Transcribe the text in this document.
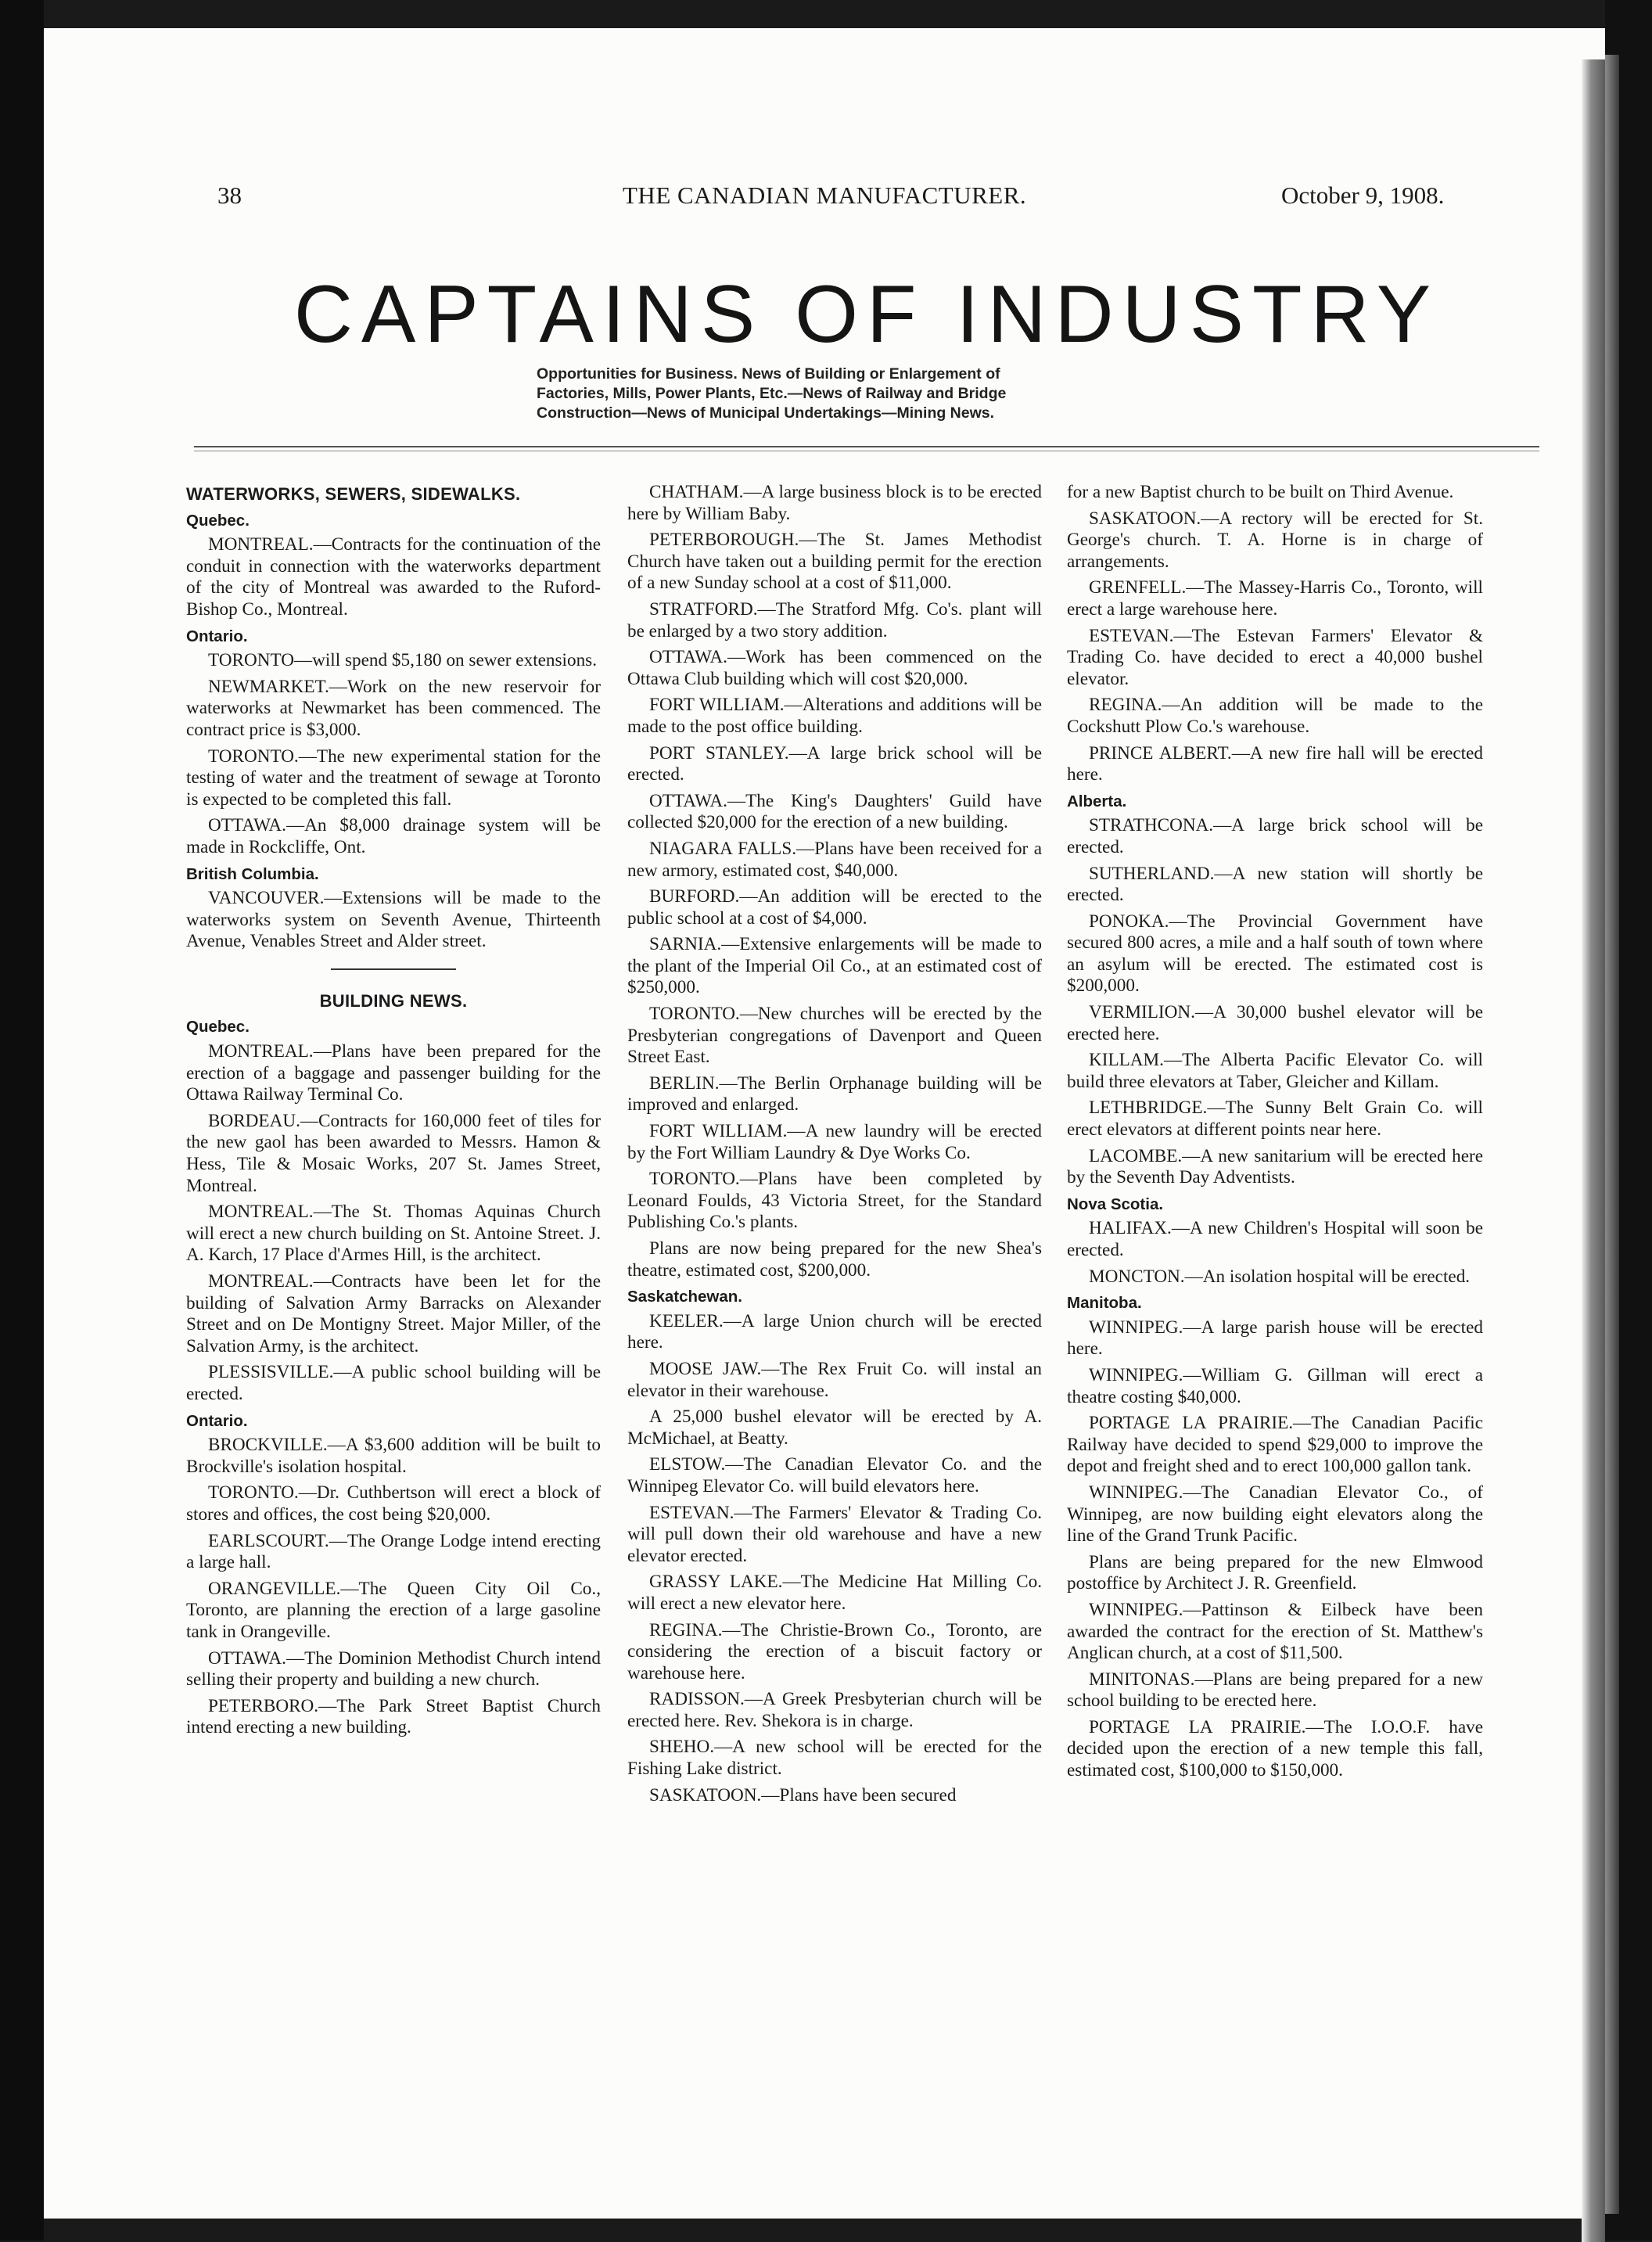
38	THE CANADIAN MANUFACTURER.	October 9, 1908.
CAPTAINS OF INDUSTRY
Opportunities for Business. News of Building or Enlargement of
Factories, Mills, Power Plants, Etc.—News of Railway and Bridge
Construction—News of Municipal Undertakings—Mining News.
WATERWORKS, SEWERS, SIDEWALKS.
Quebec.
MONTREAL.—Contracts for the continuation of the conduit in connection with the waterworks department of the city of Montreal was awarded to the Ruford-Bishop Co., Montreal.
Ontario.
TORONTO—will spend $5,180 on sewer extensions.
NEWMARKET.—Work on the new reservoir for waterworks at Newmarket has been commenced. The contract price is $3,000.
TORONTO.—The new experimental station for the testing of water and the treatment of sewage at Toronto is expected to be completed this fall.
OTTAWA.—An $8,000 drainage system will be made in Rockcliffe, Ont.
British Columbia.
VANCOUVER.—Extensions will be made to the waterworks system on Seventh Avenue, Thirteenth Avenue, Venables Street and Alder street.
BUILDING NEWS.
Quebec.
MONTREAL.—Plans have been prepared for the erection of a baggage and passenger building for the Ottawa Railway Terminal Co.
BORDEAU.—Contracts for 160,000 feet of tiles for the new gaol has been awarded to Messrs. Hamon & Hess, Tile & Mosaic Works, 207 St. James Street, Montreal.
MONTREAL.—The St. Thomas Aquinas Church will erect a new church building on St. Antoine Street. J. A. Karch, 17 Place d'Armes Hill, is the architect.
MONTREAL.—Contracts have been let for the building of Salvation Army Barracks on Alexander Street and on De Montigny Street. Major Miller, of the Salvation Army, is the architect.
PLESSISVILLE.—A public school building will be erected.
Ontario.
BROCKVILLE.—A $3,600 addition will be built to Brockville's isolation hospital.
TORONTO.—Dr. Cuthbertson will erect a block of stores and offices, the cost being $20,000.
EARLSCOURT.—The Orange Lodge intend erecting a large hall.
ORANGEVILLE.—The Queen City Oil Co., Toronto, are planning the erection of a large gasoline tank in Orangeville.
OTTAWA.—The Dominion Methodist Church intend selling their property and building a new church.
PETERBORO.—The Park Street Baptist Church intend erecting a new building.
CHATHAM.—A large business block is to be erected here by William Baby.
PETERBOROUGH.—The St. James Methodist Church have taken out a building permit for the erection of a new Sunday school at a cost of $11,000.
STRATFORD.—The Stratford Mfg. Co's. plant will be enlarged by a two story addition.
OTTAWA.—Work has been commenced on the Ottawa Club building which will cost $20,000.
FORT WILLIAM.—Alterations and additions will be made to the post office building.
PORT STANLEY.—A large brick school will be erected.
OTTAWA.—The King's Daughters' Guild have collected $20,000 for the erection of a new building.
NIAGARA FALLS.—Plans have been received for a new armory, estimated cost, $40,000.
BURFORD.—An addition will be erected to the public school at a cost of $4,000.
SARNIA.—Extensive enlargements will be made to the plant of the Imperial Oil Co., at an estimated cost of $250,000.
TORONTO.—New churches will be erected by the Presbyterian congregations of Davenport and Queen Street East.
BERLIN.—The Berlin Orphanage building will be improved and enlarged.
FORT WILLIAM.—A new laundry will be erected by the Fort William Laundry & Dye Works Co.
TORONTO.—Plans have been completed by Leonard Foulds, 43 Victoria Street, for the Standard Publishing Co.'s plants.
Plans are now being prepared for the new Shea's theatre, estimated cost, $200,000.
Saskatchewan.
KEELER.—A large Union church will be erected here.
MOOSE JAW.—The Rex Fruit Co. will instal an elevator in their warehouse.
A 25,000 bushel elevator will be erected by A. McMichael, at Beatty.
ELSTOW.—The Canadian Elevator Co. and the Winnipeg Elevator Co. will build elevators here.
ESTEVAN.—The Farmers' Elevator & Trading Co. will pull down their old warehouse and have a new elevator erected.
GRASSY LAKE.—The Medicine Hat Milling Co. will erect a new elevator here.
REGINA.—The Christie-Brown Co., Toronto, are considering the erection of a biscuit factory or warehouse here.
RADISSON.—A Greek Presbyterian church will be erected here. Rev. Shekora is in charge.
SHEHO.—A new school will be erected for the Fishing Lake district.
SASKATOON.—Plans have been secured
for a new Baptist church to be built on Third Avenue.
SASKATOON.—A rectory will be erected for St. George's church. T. A. Horne is in charge of arrangements.
GRENFELL.—The Massey-Harris Co., Toronto, will erect a large warehouse here.
ESTEVAN.—The Estevan Farmers' Elevator & Trading Co. have decided to erect a 40,000 bushel elevator.
REGINA.—An addition will be made to the Cockshutt Plow Co.'s warehouse.
PRINCE ALBERT.—A new fire hall will be erected here.
Alberta.
STRATHCONA.—A large brick school will be erected.
SUTHERLAND.—A new station will shortly be erected.
PONOKA.—The Provincial Government have secured 800 acres, a mile and a half south of town where an asylum will be erected. The estimated cost is $200,000.
VERMILION.—A 30,000 bushel elevator will be erected here.
KILLAM.—The Alberta Pacific Elevator Co. will build three elevators at Taber, Gleicher and Killam.
LETHBRIDGE.—The Sunny Belt Grain Co. will erect elevators at different points near here.
LACOMBE.—A new sanitarium will be erected here by the Seventh Day Adventists.
Nova Scotia.
HALIFAX.—A new Children's Hospital will soon be erected.
MONCTON.—An isolation hospital will be erected.
Manitoba.
WINNIPEG.—A large parish house will be erected here.
WINNIPEG.—William G. Gillman will erect a theatre costing $40,000.
PORTAGE LA PRAIRIE.—The Canadian Pacific Railway have decided to spend $29,000 to improve the depot and freight shed and to erect 100,000 gallon tank.
WINNIPEG.—The Canadian Elevator Co., of Winnipeg, are now building eight elevators along the line of the Grand Trunk Pacific.
Plans are being prepared for the new Elmwood postoffice by Architect J. R. Greenfield.
WINNIPEG.—Pattinson & Eilbeck have been awarded the contract for the erection of St. Matthew's Anglican church, at a cost of $11,500.
MINITONAS.—Plans are being prepared for a new school building to be erected here.
PORTAGE LA PRAIRIE.—The I.O.O.F. have decided upon the erection of a new temple this fall, estimated cost, $100,000 to $150,000.
